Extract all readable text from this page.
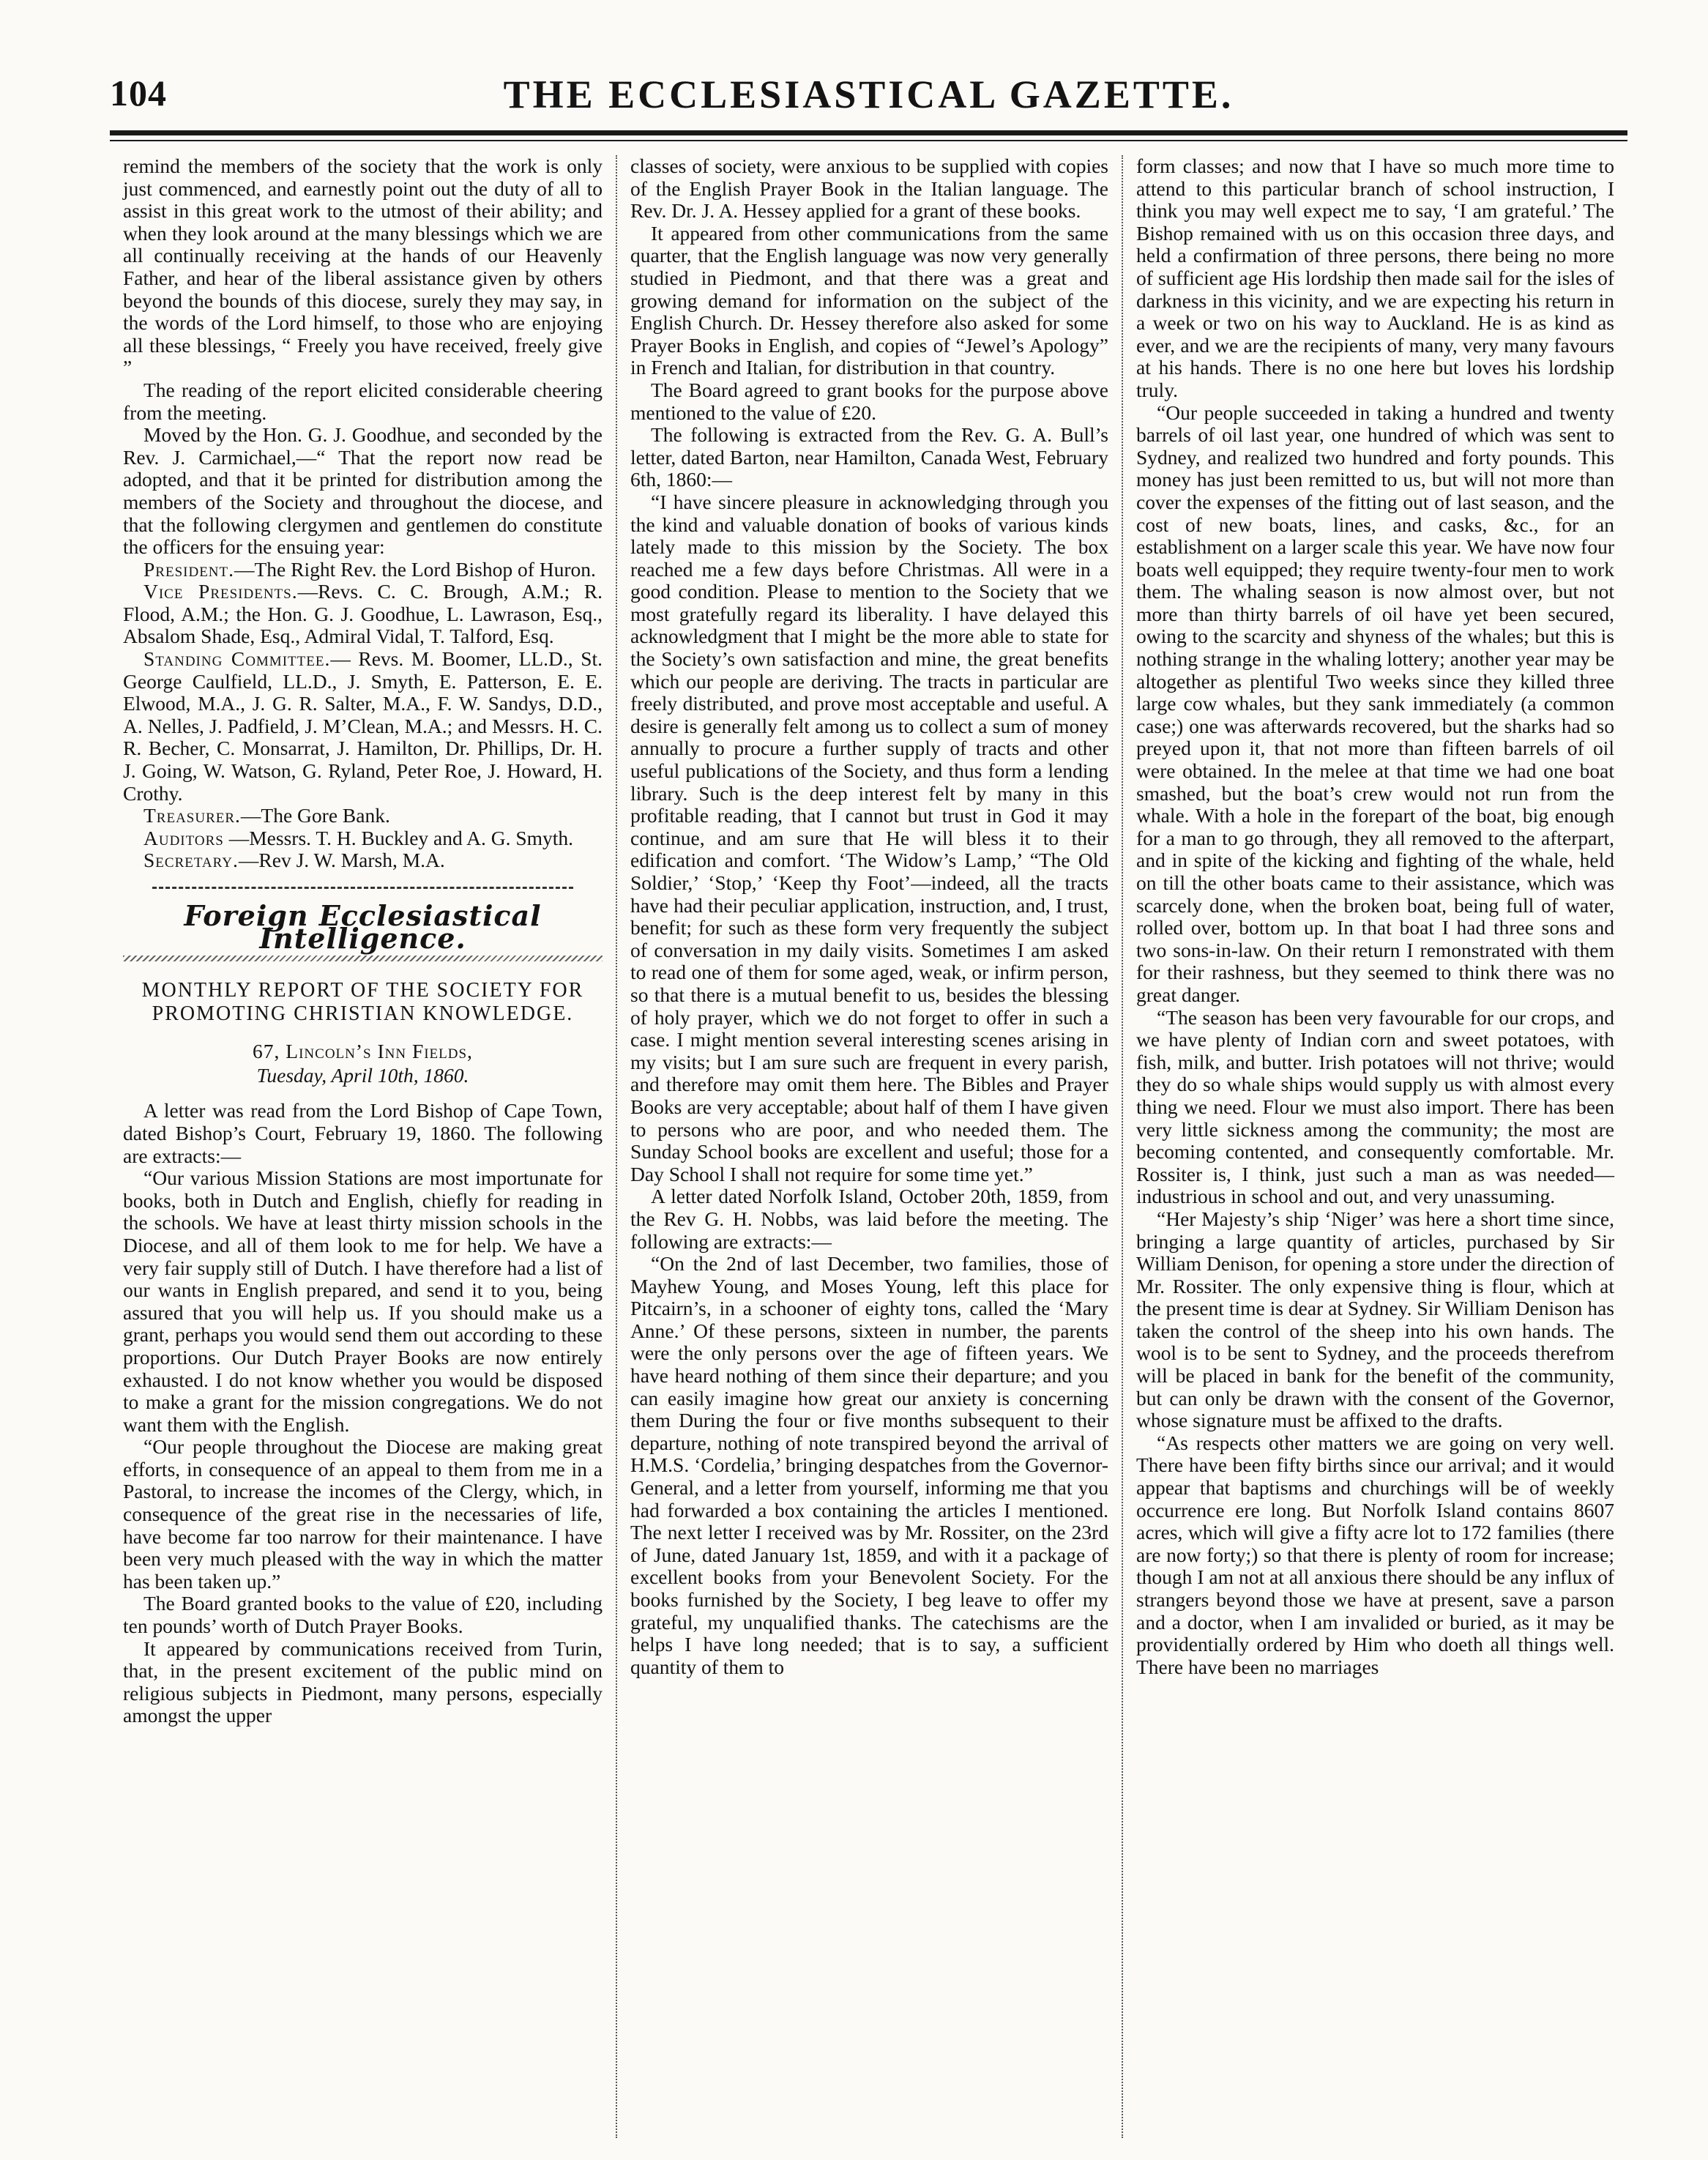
104	THE ECCLESIASTICAL GAZETTE.

remind the members of the society that the work is only just commenced, and earnestly point out the duty of all to assist in this great work to the utmost of their ability; and when they look around at the many blessings which we are all continually receiving at the hands of our Heavenly Father, and hear of the liberal assistance given by others beyond the bounds of this diocese, surely they may say, in the words of the Lord himself, to those who are enjoying all these blessings, “ Freely you have received, freely give ”

The reading of the report elicited considerable cheering from the meeting.

Moved by the Hon. G. J. Goodhue, and seconded by the Rev. J. Carmichael,—“ That the report now read be adopted, and that it be printed for distribution among the members of the Society and throughout the diocese, and that the following clergymen and gentlemen do constitute the officers for the ensuing year:

President.—The Right Rev. the Lord Bishop of Huron.

Vice Presidents.—Revs. C. C. Brough, A.M.; R. Flood, A.M.; the Hon. G. J. Goodhue, L. Lawrason, Esq., Absalom Shade, Esq., Admiral Vidal, T. Talford, Esq.

Standing Committee.— Revs. M. Boomer, LL.D., St. George Caulfield, LL.D., J. Smyth, E. Patterson, E. E. Elwood, M.A., J. G. R. Salter, M.A., F. W. Sandys, D.D., A. Nelles, J. Padfield, J. M’Clean, M.A.; and Messrs. H. C. R. Becher, C. Monsarrat, J. Hamilton, Dr. Phillips, Dr. H. J. Going, W. Watson, G. Ryland, Peter Roe, J. Howard, H. Crothy.

Treasurer.—The Gore Bank.

Auditors —Messrs. T. H. Buckley and A. G. Smyth.

Secretary.—Rev J. W. Marsh, M.A.

Foreign Ecclesiastical Intelligence.
MONTHLY REPORT OF THE SOCIETY FOR PROMOTING CHRISTIAN KNOWLEDGE.
67, Lincoln’s Inn Fields,
Tuesday, April 10th, 1860.

A letter was read from the Lord Bishop of Cape Town, dated Bishop’s Court, February 19, 1860. The following are extracts:—

“Our various Mission Stations are most importunate for books, both in Dutch and English, chiefly for reading in the schools. We have at least thirty mission schools in the Diocese, and all of them look to me for help. We have a very fair supply still of Dutch. I have therefore had a list of our wants in English prepared, and send it to you, being assured that you will help us. If you should make us a grant, perhaps you would send them out according to these proportions. Our Dutch Prayer Books are now entirely exhausted. I do not know whether you would be disposed to make a grant for the mission congregations. We do not want them with the English.

“Our people throughout the Diocese are making great efforts, in consequence of an appeal to them from me in a Pastoral, to increase the incomes of the Clergy, which, in consequence of the great rise in the necessaries of life, have become far too narrow for their maintenance. I have been very much pleased with the way in which the matter has been taken up.”

The Board granted books to the value of £20, including ten pounds’ worth of Dutch Prayer Books.

It appeared by communications received from Turin, that, in the present excitement of the public mind on religious subjects in Piedmont, many persons, especially amongst the upper

classes of society, were anxious to be supplied with copies of the English Prayer Book in the Italian language. The Rev. Dr. J. A. Hessey applied for a grant of these books.

It appeared from other communications from the same quarter, that the English language was now very generally studied in Piedmont, and that there was a great and growing demand for information on the subject of the English Church. Dr. Hessey therefore also asked for some Prayer Books in English, and copies of “Jewel’s Apology” in French and Italian, for distribution in that country.

The Board agreed to grant books for the purpose above mentioned to the value of £20.

The following is extracted from the Rev. G. A. Bull’s letter, dated Barton, near Hamilton, Canada West, February 6th, 1860:—

“I have sincere pleasure in acknowledging through you the kind and valuable donation of books of various kinds lately made to this mission by the Society. The box reached me a few days before Christmas. All were in a good condition. Please to mention to the Society that we most gratefully regard its liberality. I have delayed this acknowledgment that I might be the more able to state for the Society’s own satisfaction and mine, the great benefits which our people are deriving. The tracts in particular are freely distributed, and prove most acceptable and useful. A desire is generally felt among us to collect a sum of money annually to procure a further supply of tracts and other useful publications of the Society, and thus form a lending library. Such is the deep interest felt by many in this profitable reading, that I cannot but trust in God it may continue, and am sure that He will bless it to their edification and comfort. ‘The Widow’s Lamp,’ “The Old Soldier,’ ‘Stop,’ ‘Keep thy Foot’—indeed, all the tracts have had their peculiar application, instruction, and, I trust, benefit; for such as these form very frequently the subject of conversation in my daily visits. Sometimes I am asked to read one of them for some aged, weak, or infirm person, so that there is a mutual benefit to us, besides the blessing of holy prayer, which we do not forget to offer in such a case. I might mention several interesting scenes arising in my visits; but I am sure such are frequent in every parish, and therefore may omit them here. The Bibles and Prayer Books are very acceptable; about half of them I have given to persons who are poor, and who needed them. The Sunday School books are excellent and useful; those for a Day School I shall not require for some time yet.”

A letter dated Norfolk Island, October 20th, 1859, from the Rev G. H. Nobbs, was laid before the meeting. The following are extracts:—

“On the 2nd of last December, two families, those of Mayhew Young, and Moses Young, left this place for Pitcairn’s, in a schooner of eighty tons, called the ‘Mary Anne.’ Of these persons, sixteen in number, the parents were the only persons over the age of fifteen years. We have heard nothing of them since their departure; and you can easily imagine how great our anxiety is concerning them During the four or five months subsequent to their departure, nothing of note transpired beyond the arrival of H.M.S. ‘Cordelia,’ bringing despatches from the Governor-General, and a letter from yourself, informing me that you had forwarded a box containing the articles I mentioned. The next letter I received was by Mr. Rossiter, on the 23rd of June, dated January 1st, 1859, and with it a package of excellent books from your Benevolent Society. For the books furnished by the Society, I beg leave to offer my grateful, my unqualified thanks. The catechisms are the helps I have long needed; that is to say, a sufficient quantity of them to

form classes; and now that I have so much more time to attend to this particular branch of school instruction, I think you may well expect me to say, ‘I am grateful.’ The Bishop remained with us on this occasion three days, and held a confirmation of three persons, there being no more of sufficient age His lordship then made sail for the isles of darkness in this vicinity, and we are expecting his return in a week or two on his way to Auckland. He is as kind as ever, and we are the recipients of many, very many favours at his hands. There is no one here but loves his lordship truly.

“Our people succeeded in taking a hundred and twenty barrels of oil last year, one hundred of which was sent to Sydney, and realized two hundred and forty pounds. This money has just been remitted to us, but will not more than cover the expenses of the fitting out of last season, and the cost of new boats, lines, and casks, &c., for an establishment on a larger scale this year. We have now four boats well equipped; they require twenty-four men to work them. The whaling season is now almost over, but not more than thirty barrels of oil have yet been secured, owing to the scarcity and shyness of the whales; but this is nothing strange in the whaling lottery; another year may be altogether as plentiful Two weeks since they killed three large cow whales, but they sank immediately (a common case;) one was afterwards recovered, but the sharks had so preyed upon it, that not more than fifteen barrels of oil were obtained. In the melee at that time we had one boat smashed, but the boat’s crew would not run from the whale. With a hole in the forepart of the boat, big enough for a man to go through, they all removed to the afterpart, and in spite of the kicking and fighting of the whale, held on till the other boats came to their assistance, which was scarcely done, when the broken boat, being full of water, rolled over, bottom up. In that boat I had three sons and two sons-in-law. On their return I remonstrated with them for their rashness, but they seemed to think there was no great danger.

“The season has been very favourable for our crops, and we have plenty of Indian corn and sweet potatoes, with fish, milk, and butter. Irish potatoes will not thrive; would they do so whale ships would supply us with almost every thing we need. Flour we must also import. There has been very little sickness among the community; the most are becoming contented, and consequently comfortable. Mr. Rossiter is, I think, just such a man as was needed—industrious in school and out, and very unassuming.

“Her Majesty’s ship ‘Niger’ was here a short time since, bringing a large quantity of articles, purchased by Sir William Denison, for opening a store under the direction of Mr. Rossiter. The only expensive thing is flour, which at the present time is dear at Sydney. Sir William Denison has taken the control of the sheep into his own hands. The wool is to be sent to Sydney, and the proceeds therefrom will be placed in bank for the benefit of the community, but can only be drawn with the consent of the Governor, whose signature must be affixed to the drafts.

“As respects other matters we are going on very well. There have been fifty births since our arrival; and it would appear that baptisms and churchings will be of weekly occurrence ere long. But Norfolk Island contains 8607 acres, which will give a fifty acre lot to 172 families (there are now forty;) so that there is plenty of room for increase; though I am not at all anxious there should be any influx of strangers beyond those we have at present, save a parson and a doctor, when I am invalided or buried, as it may be providentially ordered by Him who doeth all things well. There have been no marriages
